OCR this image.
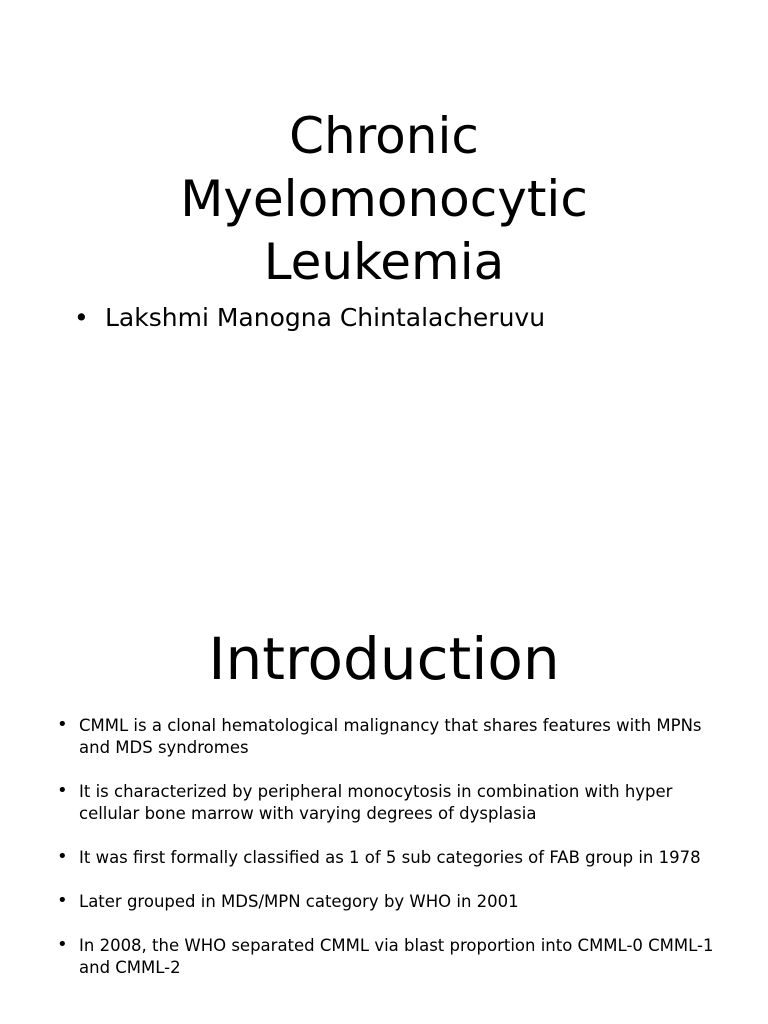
Chronic
Myelomonocytic
Leukemia
• Lakshmi Manogna Chintalacheruvu
Introduction
• CMML is a clonal hematological malignancy that shares features with MPNs and MDS syndromes
• It is characterized by peripheral monocytosis in combination with hyper cellular bone marrow with varying degrees of dysplasia
• It was first formally classified as 1 of 5 sub categories of FAB group in 1978
• Later grouped in MDS/MPN category by WHO in 2001
• In 2008, the WHO separated CMML via blast proportion into CMML-0 CMML-1 and CMML-2
